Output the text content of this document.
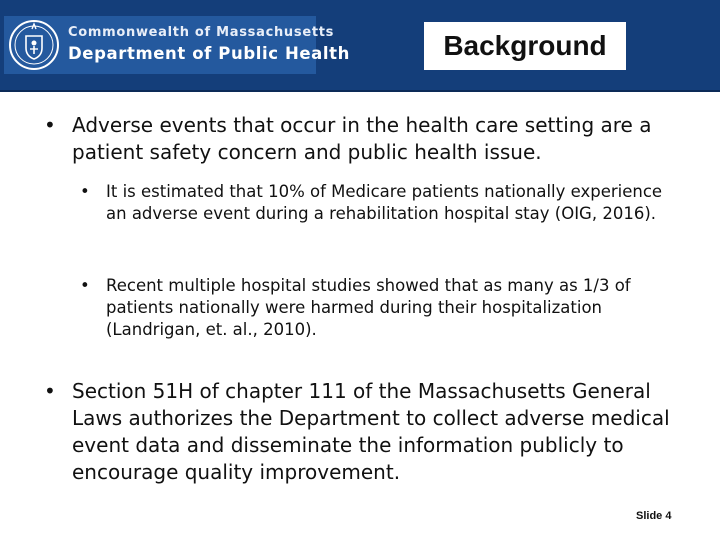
Commonwealth of Massachusetts
Department of Public Health	Background
• Adverse events that occur in the health care setting are a patient safety concern and public health issue.
• It is estimated that 10% of Medicare patients nationally experience an adverse event during a rehabilitation hospital stay (OIG, 2016).
• Recent multiple hospital studies showed that as many as 1/3 of patients nationally were harmed during their hospitalization (Landrigan, et. al., 2010).
• Section 51H of chapter 111 of the Massachusetts General Laws authorizes the Department to collect adverse medical event data and disseminate the information publicly to encourage quality improvement.
Slide 4
